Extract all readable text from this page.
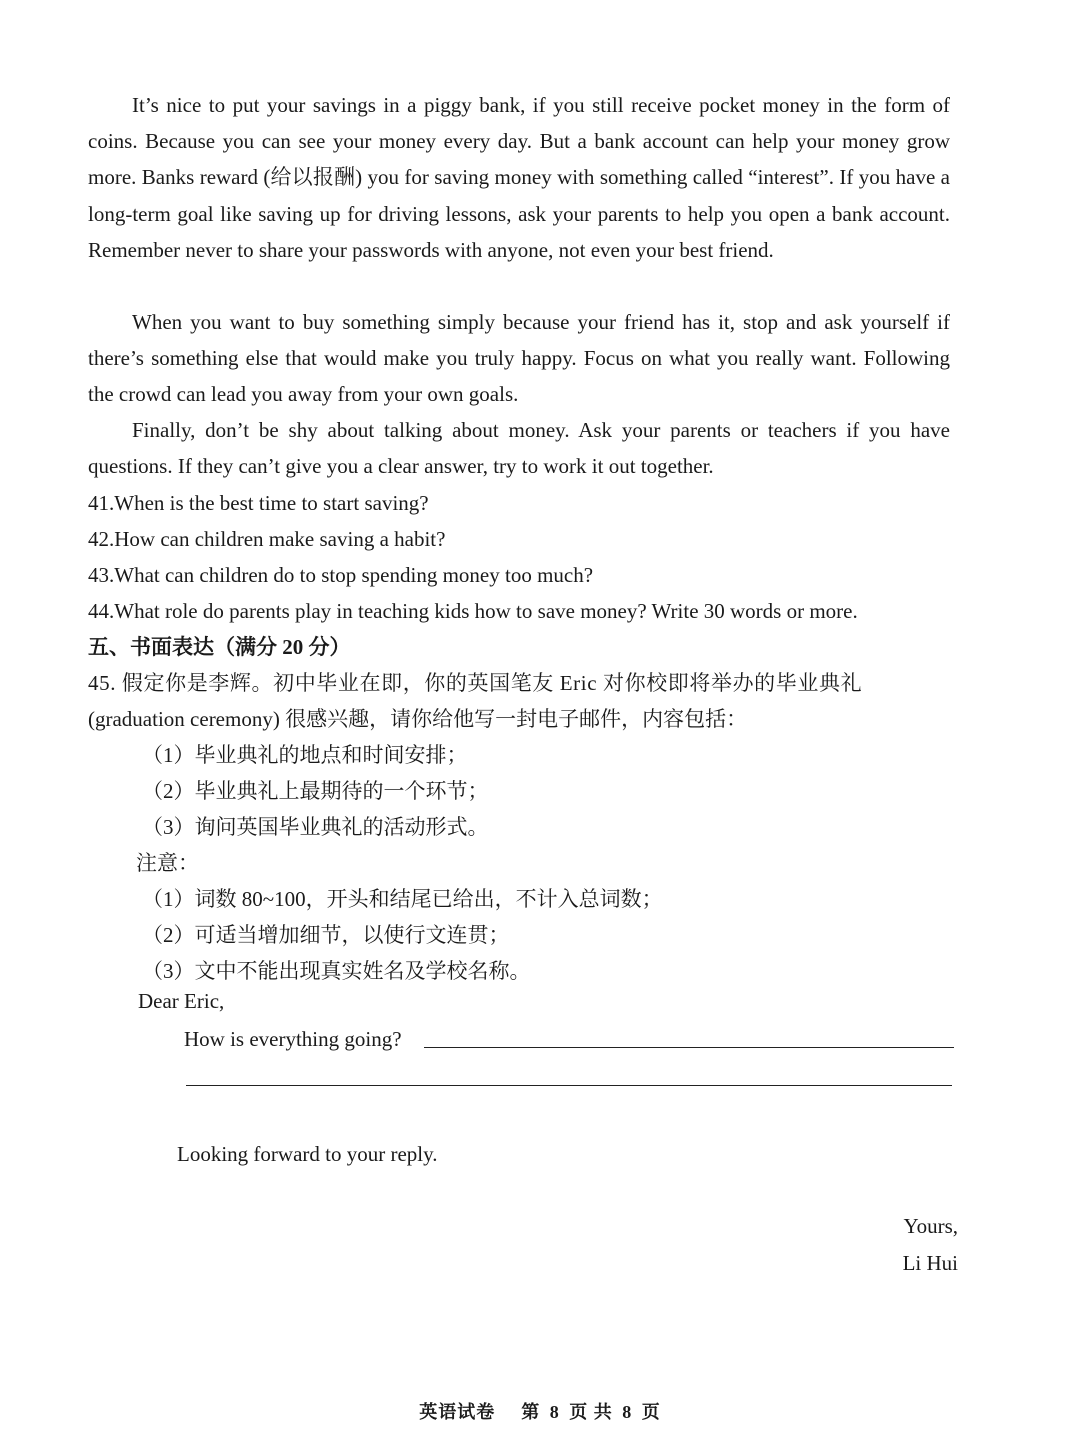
It’s nice to put your savings in a piggy bank, if you still receive pocket money in the form of coins. Because you can see your money every day. But a bank account can help your money grow more. Banks reward (给以报酬) you for saving money with something called “interest”. If you have a long-term goal like saving up for driving lessons, ask your parents to help you open a bank account. Remember never to share your passwords with anyone, not even your best friend.
When you want to buy something simply because your friend has it, stop and ask yourself if there’s something else that would make you truly happy. Focus on what you really want. Following the crowd can lead you away from your own goals.
Finally, don’t be shy about talking about money. Ask your parents or teachers if you have questions. If they can’t give you a clear answer, try to work it out together.
41.When is the best time to start saving?
42.How can children make saving a habit?
43.What can children do to stop spending money too much?
44.What role do parents play in teaching kids how to save money? Write 30 words or more.
五、书面表达（满分 20 分）
45. 假定你是李辉。初中毕业在即，你的英国笔友 Eric 对你校即将举办的毕业典礼
(graduation ceremony) 很感兴趣，请你给他写一封电子邮件，内容包括：
（1）毕业典礼的地点和时间安排；
（2）毕业典礼上最期待的一个环节；
（3）询问英国毕业典礼的活动形式。
注意：
（1）词数 80~100，开头和结尾已给出，不计入总词数；
（2）可适当增加细节，以使行文连贯；
（3）文中不能出现真实姓名及学校名称。
Dear Eric,
How is everything going?
Looking forward to your reply.
Yours,
Li Hui
英语试卷 第 8 页 共 8 页
